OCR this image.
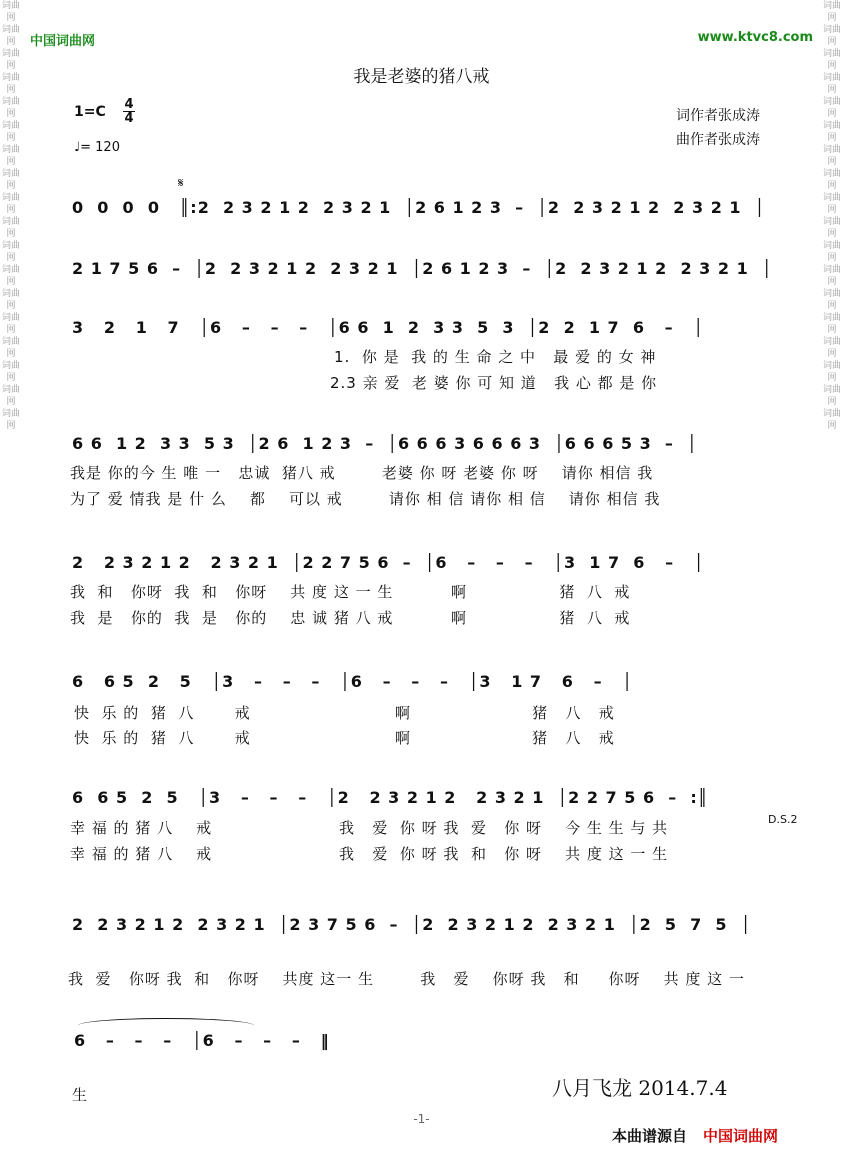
词曲网 词曲网 词曲网 词曲网 词曲网 词曲网 词曲网 词曲网 词曲网 词曲网 词曲网 词曲网 词曲网 词曲网 词曲网 词曲网 词曲网 词曲网
词曲网 词曲网 词曲网 词曲网 词曲网 词曲网 词曲网 词曲网 词曲网 词曲网 词曲网 词曲网 词曲网 词曲网 词曲网 词曲网 词曲网 词曲网
中国词曲网	www.ktvc8.com
我是老婆的猪八戒
1=C 4
4
♩= 120
词作者张成涛
曲作者张成涛
𝄋
0  0  0  0   ║:2  2 3 2 1 2  2 3 2 1  │2 6 1 2 3  –  │2  2 3 2 1 2  2 3 2 1  │
2 1 7 5 6  –  │2  2 3 2 1 2  2 3 2 1  │2 6 1 2 3  –  │2  2 3 2 1 2  2 3 2 1  │
3   2   1   7   │6   –   –   –   │6 6  1  2  3 3  5  3  │2  2  1 7  6   –   │
1.  你 是  我 的 生 命 之 中   最 爱 的 女 神
2.3 亲 爱  老 婆 你 可 知 道   我 心 都 是 你
6 6  1 2  3 3  5 3  │2 6  1 2 3  –  │6 6 6 3 6 6 6 3  │6 6 6 5 3  –  │
我是 你的今 生 唯 一   忠诚  猪八 戒        老婆 你 呀 老婆 你 呀    请你 相信 我
为了 爱 情我 是 什 么    都    可以 戒        请你 相 信 请你 相 信    请你 相信 我
2   2 3 2 1 2   2 3 2 1  │2 2 7 5 6  –  │6   –   –   –   │3  1 7  6   –   │
我  和   你呀  我  和   你呀    共 度 这 一 生          啊                猪  八  戒
我  是   你的  我  是   你的    忠 诚 猪 八 戒          啊                猪  八  戒
6   6 5  2   5   │3   –   –   –   │6   –   –   –   │3   1 7   6   –   │
快  乐 的  猪  八       戒                         啊                     猪   八   戒
快  乐 的  猪  八       戒                         啊                     猪   八   戒
6  6 5  2  5   │3   –   –   –   │2   2 3 2 1 2   2 3 2 1  │2 2 7 5 6  –  :║
幸 福 的 猪 八    戒                      我   爱  你 呀 我  爱   你 呀    今 生 生 与 共
幸 福 的 猪 八    戒                      我   爱  你 呀 我  和   你 呀    共 度 这 一 生
D.S.2
2  2 3 2 1 2  2 3 2 1  │2 3 7 5 6  –  │2  2 3 2 1 2  2 3 2 1  │2  5  7  5  │
我  爱   你呀 我  和   你呀    共度 这一 生        我   爱    你呀 我   和     你呀    共 度 这 一
6   –   –   –   │6   –   –   –   ‖
生	八月飞龙 2014.7.4
-1-
本曲谱源自 中国词曲网
